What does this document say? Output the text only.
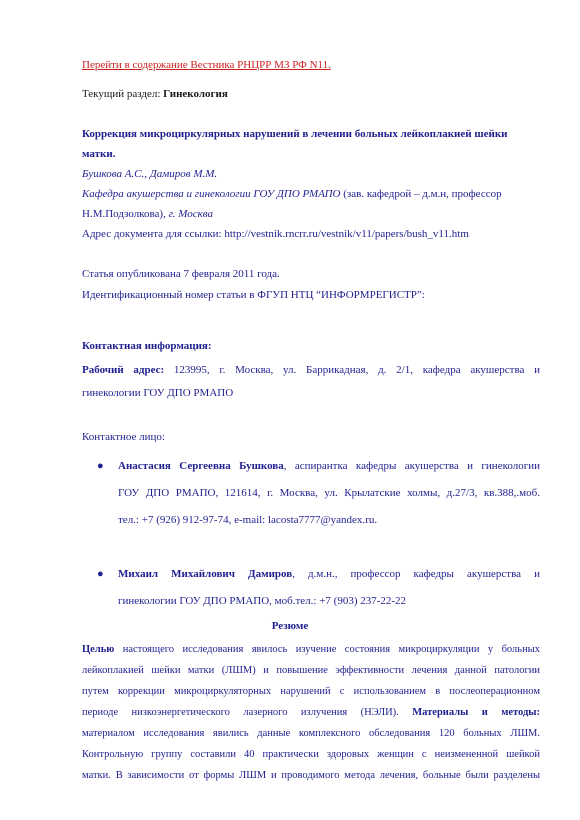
Перейти в содержание Вестника РНЦРР МЗ РФ N11.
Текущий раздел: Гинекология
Коррекция микроциркулярных нарушений в лечении больных лейкоплакией шейки
матки.
Бушкова А.С., Дамиров М.М.
Кафедра акушерства и гинекологии ГОУ ДПО РМАПО (зав. кафедрой – д.м.н, профессор
Н.М.Подзолкова), г. Москва
Адрес документа для ссылки: http://vestnik.rncrr.ru/vestnik/v11/papers/bush_v11.htm
Статья опубликована 7 февраля 2011 года.
Идентификационный номер статьи в ФГУП НТЦ “ИНФОРМРЕГИСТР”:
Контактная информация:
Рабочий адрес: 123995, г. Москва, ул. Баррикадная, д. 2/1, кафедра акушерства и
гинекологии ГОУ ДПО РМАПО
Контактное лицо:
● Анастасия Сергеевна Бушкова, аспирантка кафедры акушерства и гинекологии
ГОУ ДПО РМАПО, 121614, г. Москва, ул. Крылатские холмы, д.27/3, кв.388,.моб.
тел.: +7 (926) 912-97-74, e-mail: lacosta7777@yandex.ru.
● Михаил Михайлович Дамиров, д.м.н., профессор кафедры акушерства и
гинекологии ГОУ ДПО РМАПО, моб.тел.: +7 (903) 237-22-22
Резюме
Целью настоящего исследования явилось изучение состояния микроциркуляции у больных
лейкоплакией шейки матки (ЛШМ) и повышение эффективности лечения данной патологии
путем коррекции микроциркуляторных нарушений с использованием в послеоперационном
периоде низкоэнергетического лазерного излучения (НЭЛИ). Материалы и методы:
материалом исследования явились данные комплексного обследования 120 больных ЛШМ.
Контрольную группу составили 40 практически здоровых женщин с неизмененной шейкой
матки. В зависимости от формы ЛШМ и проводимого метода лечения, больные были разделены
